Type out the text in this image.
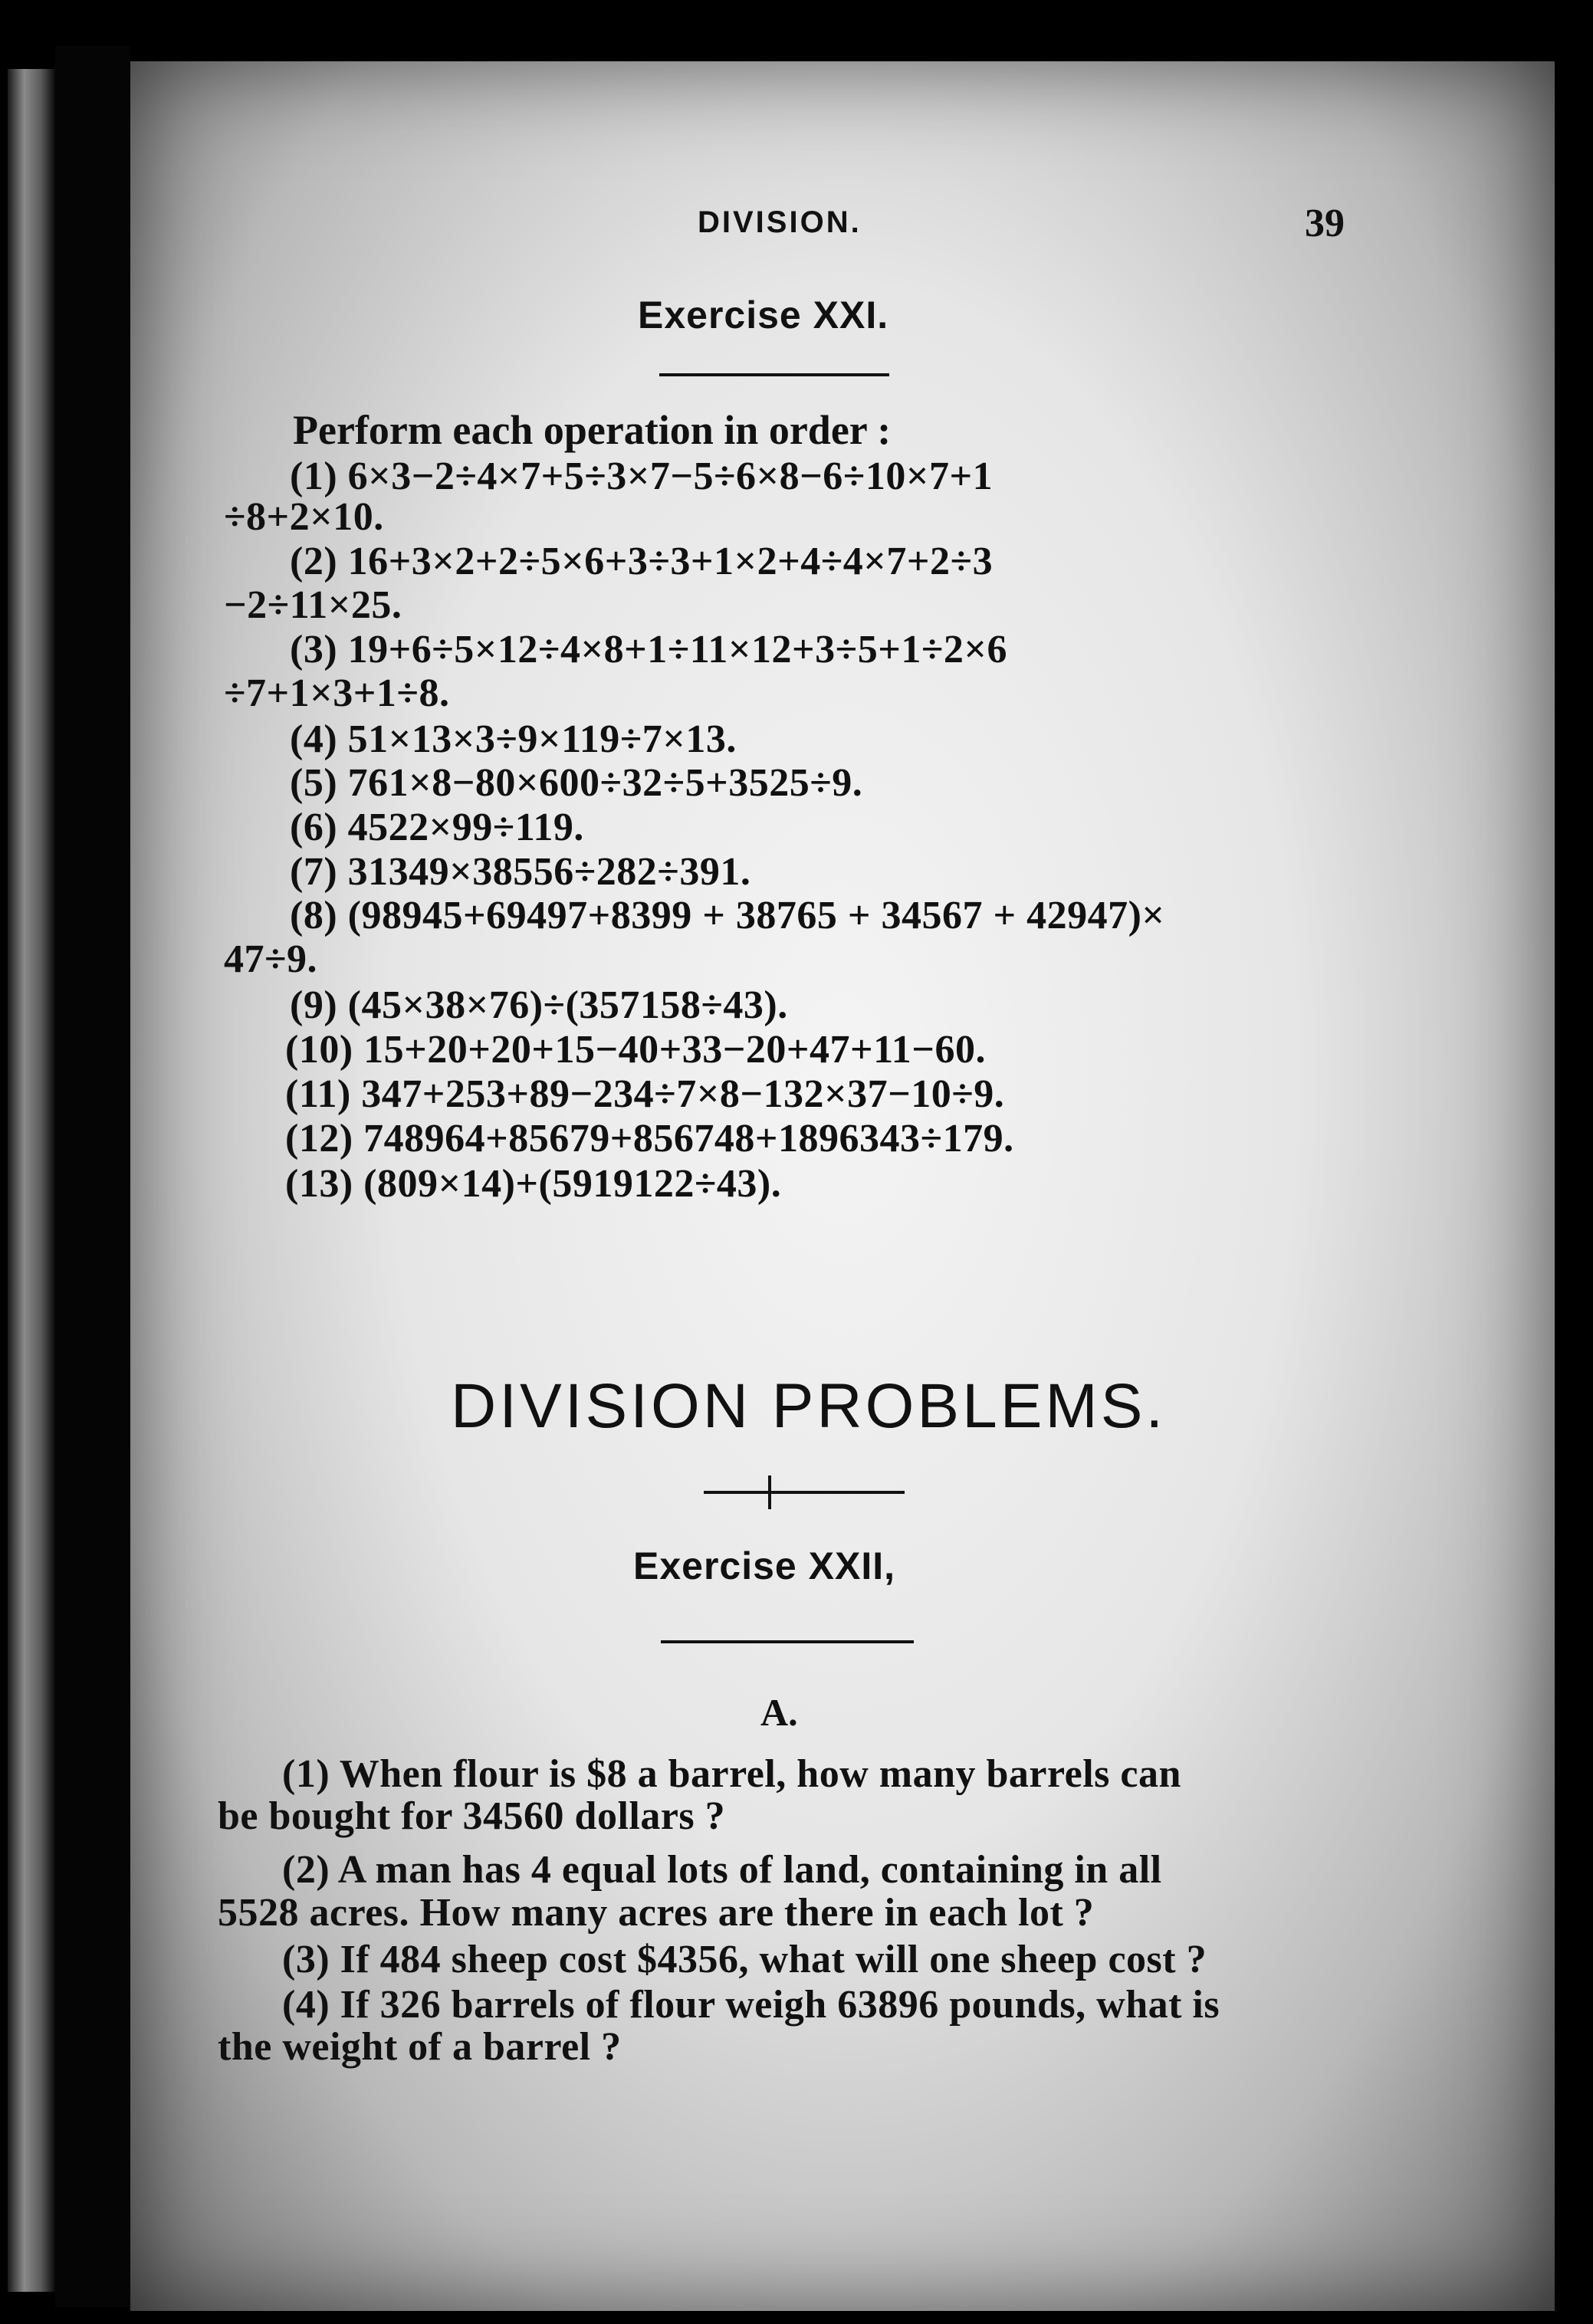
DIVISION.	39
Exercise XXI.
Perform each operation in order :
(1) 6×3−2÷4×7+5÷3×7−5÷6×8−6÷10×7+1
÷8+2×10.
(2) 16+3×2+2÷5×6+3÷3+1×2+4÷4×7+2÷3
−2÷11×25.
(3) 19+6÷5×12÷4×8+1÷11×12+3÷5+1÷2×6
÷7+1×3+1÷8.
(4) 51×13×3÷9×119÷7×13.
(5) 761×8−80×600÷32÷5+3525÷9.
(6) 4522×99÷119.
(7) 31349×38556÷282÷391.
(8) (98945+69497+8399 + 38765 + 34567 + 42947)×
47÷9.
(9) (45×38×76)÷(357158÷43).
(10) 15+20+20+15−40+33−20+47+11−60.
(11) 347+253+89−234÷7×8−132×37−10÷9.
(12) 748964+85679+856748+1896343÷179.
(13) (809×14)+(5919122÷43).
DIVISION PROBLEMS.
Exercise XXII,
A.
(1) When flour is $8 a barrel, how many barrels can
be bought for 34560 dollars ?
(2) A man has 4 equal lots of land, containing in all
5528 acres. How many acres are there in each lot ?
(3) If 484 sheep cost $4356, what will one sheep cost ?
(4) If 326 barrels of flour weigh 63896 pounds, what is
the weight of a barrel ?
